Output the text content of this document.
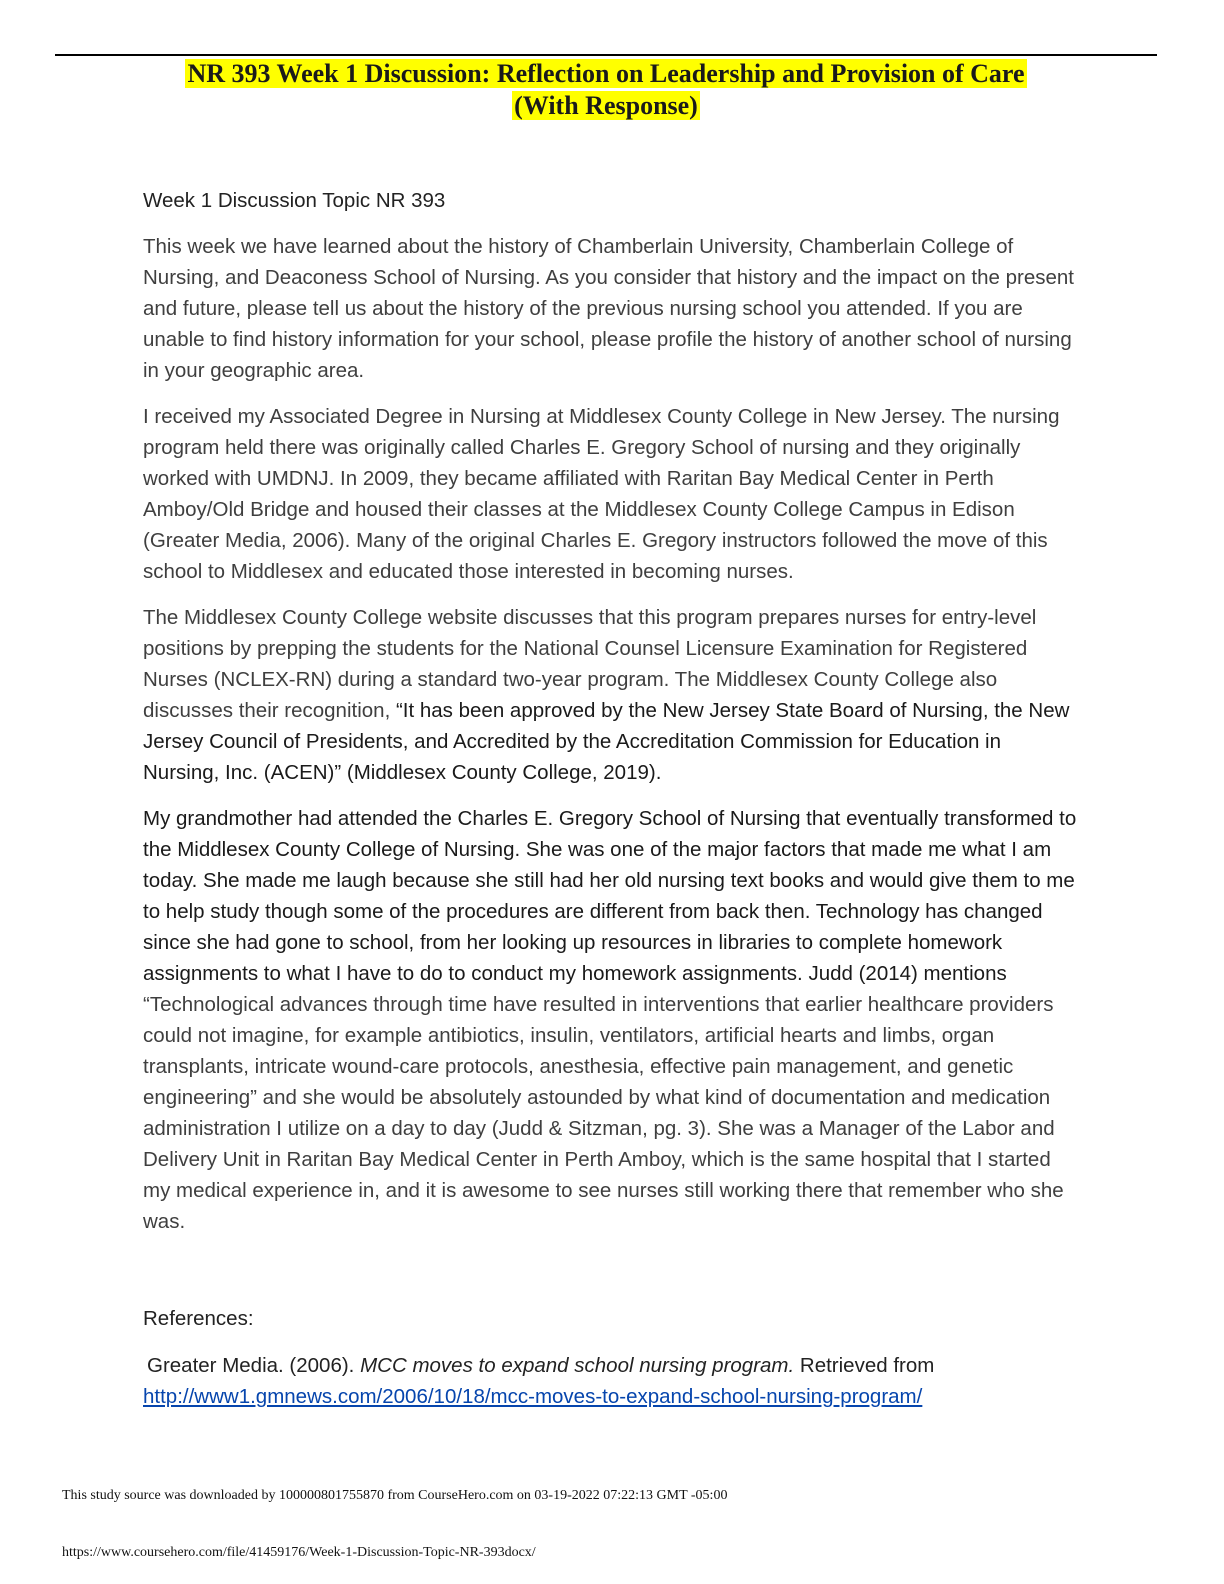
NR 393 Week 1 Discussion: Reflection on Leadership and Provision of Care
(With Response)

Week 1 Discussion Topic NR 393

This week we have learned about the history of Chamberlain University, Chamberlain College of Nursing, and Deaconess School of Nursing. As you consider that history and the impact on the present and future, please tell us about the history of the previous nursing school you attended. If you are unable to find history information for your school, please profile the history of another school of nursing in your geographic area.

I received my Associated Degree in Nursing at Middlesex County College in New Jersey. The nursing program held there was originally called Charles E. Gregory School of nursing and they originally worked with UMDNJ. In 2009, they became affiliated with Raritan Bay Medical Center in Perth Amboy/Old Bridge and housed their classes at the Middlesex County College Campus in Edison (Greater Media, 2006). Many of the original Charles E. Gregory instructors followed the move of this school to Middlesex and educated those interested in becoming nurses.

The Middlesex County College website discusses that this program prepares nurses for entry-level positions by prepping the students for the National Counsel Licensure Examination for Registered Nurses (NCLEX-RN) during a standard two-year program. The Middlesex County College also discusses their recognition, “It has been approved by the New Jersey State Board of Nursing, the New Jersey Council of Presidents, and Accredited by the Accreditation Commission for Education in Nursing, Inc. (ACEN)” (Middlesex County College, 2019).

My grandmother had attended the Charles E. Gregory School of Nursing that eventually transformed to the Middlesex County College of Nursing. She was one of the major factors that made me what I am today. She made me laugh because she still had her old nursing text books and would give them to me to help study though some of the procedures are different from back then. Technology has changed since she had gone to school, from her looking up resources in libraries to complete homework assignments to what I have to do to conduct my homework assignments. Judd (2014) mentions “Technological advances through time have resulted in interventions that earlier healthcare providers could not imagine, for example antibiotics, insulin, ventilators, artificial hearts and limbs, organ transplants, intricate wound-care protocols, anesthesia, effective pain management, and genetic engineering” and she would be absolutely astounded by what kind of documentation and medication administration I utilize on a day to day (Judd & Sitzman, pg. 3). She was a Manager of the Labor and Delivery Unit in Raritan Bay Medical Center in Perth Amboy, which is the same hospital that I started my medical experience in, and it is awesome to see nurses still working there that remember who she was.

References:

Greater Media. (2006). MCC moves to expand school nursing program. Retrieved from
http://www1.gmnews.com/2006/10/18/mcc-moves-to-expand-school-nursing-program/

This study source was downloaded by 100000801755870 from CourseHero.com on 03-19-2022 07:22:13 GMT -05:00
https://www.coursehero.com/file/41459176/Week-1-Discussion-Topic-NR-393docx/
